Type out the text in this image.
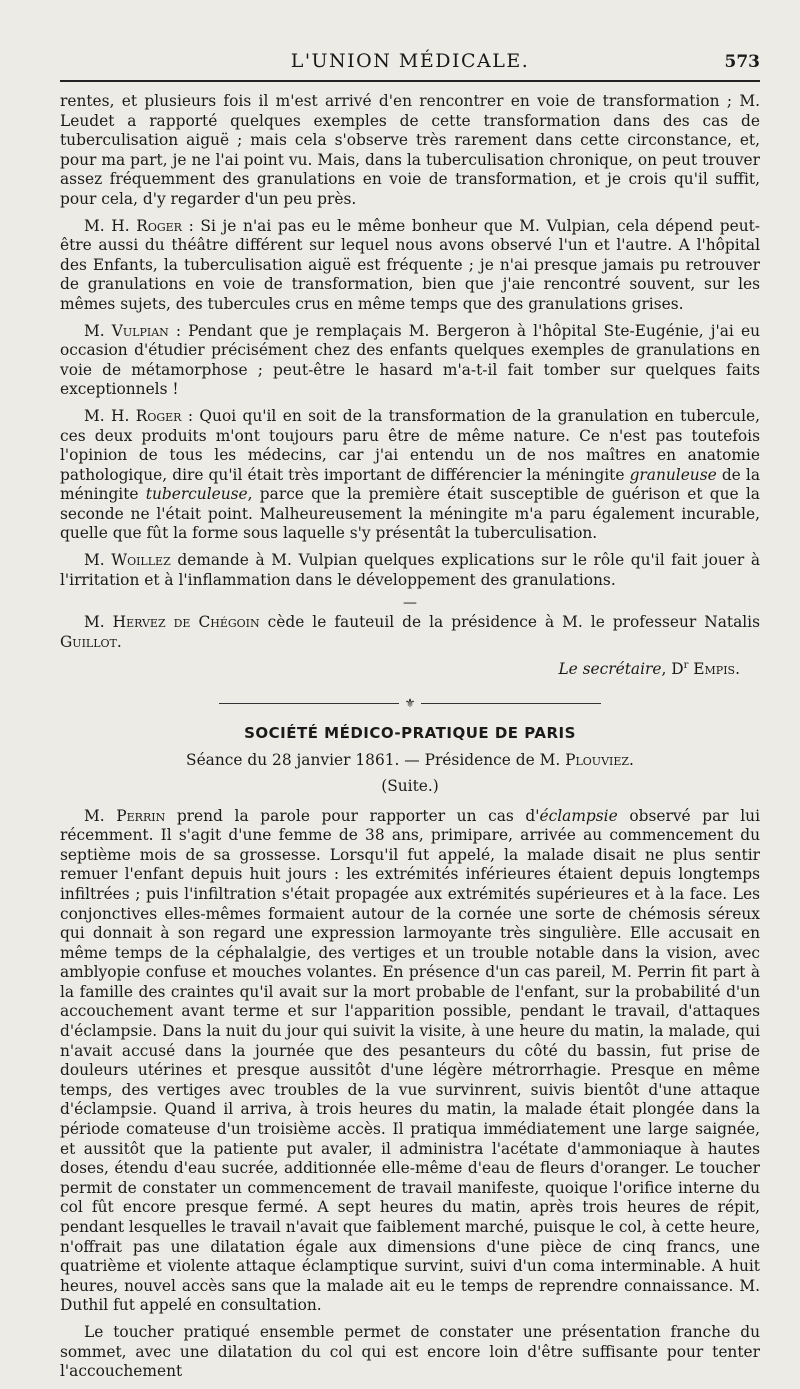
L'UNION MÉDICALE.	573

rentes, et plusieurs fois il m'est arrivé d'en rencontrer en voie de transformation ; M. Leudet a rapporté quelques exemples de cette transformation dans des cas de tuberculisation aiguë ; mais cela s'observe très rarement dans cette circonstance, et, pour ma part, je ne l'ai point vu. Mais, dans la tuberculisation chronique, on peut trouver assez fréquemment des granulations en voie de transformation, et je crois qu'il suffit, pour cela, d'y regarder d'un peu près.

M. H. Roger : Si je n'ai pas eu le même bonheur que M. Vulpian, cela dépend peut-être aussi du théâtre différent sur lequel nous avons observé l'un et l'autre. A l'hôpital des Enfants, la tuberculisation aiguë est fréquente ; je n'ai presque jamais pu retrouver de granulations en voie de transformation, bien que j'aie rencontré souvent, sur les mêmes sujets, des tubercules crus en même temps que des granulations grises.

M. Vulpian : Pendant que je remplaçais M. Bergeron à l'hôpital Ste-Eugénie, j'ai eu occasion d'étudier précisément chez des enfants quelques exemples de granulations en voie de métamorphose ; peut-être le hasard m'a-t-il fait tomber sur quelques faits exceptionnels !

M. H. Roger : Quoi qu'il en soit de la transformation de la granulation en tubercule, ces deux produits m'ont toujours paru être de même nature. Ce n'est pas toutefois l'opinion de tous les médecins, car j'ai entendu un de nos maîtres en anatomie pathologique, dire qu'il était très important de différencier la méningite granuleuse de la méningite tuberculeuse, parce que la première était susceptible de guérison et que la seconde ne l'était point. Malheureusement la méningite m'a paru également incurable, quelle que fût la forme sous laquelle s'y présentât la tuberculisation.

M. Woillez demande à M. Vulpian quelques explications sur le rôle qu'il fait jouer à l'irritation et à l'inflammation dans le développement des granulations.

—

M. Hervez de Chégoin cède le fauteuil de la présidence à M. le professeur Natalis Guillot.

Le secrétaire, $D^r$ Empis.

⚜
SOCIÉTÉ MÉDICO-PRATIQUE DE PARIS
Séance du 28 janvier 1861. — Présidence de M. Plouviez.
(Suite.)

M. Perrin prend la parole pour rapporter un cas d'éclampsie observé par lui récemment. Il s'agit d'une femme de 38 ans, primipare, arrivée au commencement du septième mois de sa grossesse. Lorsqu'il fut appelé, la malade disait ne plus sentir remuer l'enfant depuis huit jours : les extrémités inférieures étaient depuis longtemps infiltrées ; puis l'infiltration s'était propagée aux extrémités supérieures et à la face. Les conjonctives elles-mêmes formaient autour de la cornée une sorte de chémosis séreux qui donnait à son regard une expression larmoyante très singulière. Elle accusait en même temps de la céphalalgie, des vertiges et un trouble notable dans la vision, avec amblyopie confuse et mouches volantes. En présence d'un cas pareil, M. Perrin fit part à la famille des craintes qu'il avait sur la mort probable de l'enfant, sur la probabilité d'un accouchement avant terme et sur l'apparition possible, pendant le travail, d'attaques d'éclampsie. Dans la nuit du jour qui suivit la visite, à une heure du matin, la malade, qui n'avait accusé dans la journée que des pesanteurs du côté du bassin, fut prise de douleurs utérines et presque aussitôt d'une légère métrorrhagie. Presque en même temps, des vertiges avec troubles de la vue survinrent, suivis bientôt d'une attaque d'éclampsie. Quand il arriva, à trois heures du matin, la malade était plongée dans la période comateuse d'un troisième accès. Il pratiqua immédiatement une large saignée, et aussitôt que la patiente put avaler, il administra l'acétate d'ammoniaque à hautes doses, étendu d'eau sucrée, additionnée elle-même d'eau de fleurs d'oranger. Le toucher permit de constater un commencement de travail manifeste, quoique l'orifice interne du col fût encore presque fermé. A sept heures du matin, après trois heures de répit, pendant lesquelles le travail n'avait que faiblement marché, puisque le col, à cette heure, n'offrait pas une dilatation égale aux dimensions d'une pièce de cinq francs, une quatrième et violente attaque éclamptique survint, suivi d'un coma interminable. A huit heures, nouvel accès sans que la malade ait eu le temps de reprendre connaissance. M. Duthil fut appelé en consultation.

Le toucher pratiqué ensemble permet de constater une présentation franche du sommet, avec une dilatation du col qui est encore loin d'être suffisante pour tenter l'accouchement
